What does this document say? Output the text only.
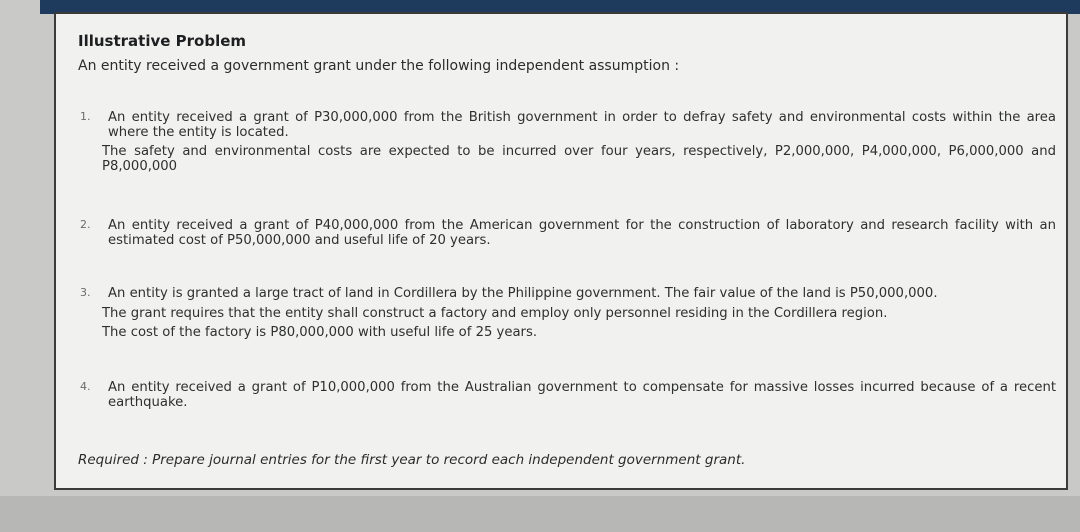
Illustrative Problem
An entity received a government grant under the following independent assumption :
1.	An entity received a grant of P30,000,000 from the British government in order to defray safety and environmental costs within the area where the entity is located.
The safety and environmental costs are expected to be incurred over four years, respectively, P2,000,000, P4,000,000, P6,000,000 and P8,000,000
2.	An entity received a grant of P40,000,000 from the American government for the construction of laboratory and research facility with an estimated cost of P50,000,000 and useful life of 20 years.
3.	An entity is granted a large tract of land in Cordillera by the Philippine government. The fair value of the land is P50,000,000.
The grant requires that the entity shall construct a factory and employ only personnel residing in the Cordillera region.
The cost of the factory is P80,000,000 with useful life of 25 years.
4.	An entity received a grant of P10,000,000 from the Australian government to compensate for massive losses incurred because of a recent earthquake.
Required : Prepare journal entries for the first year to record each independent government grant.
